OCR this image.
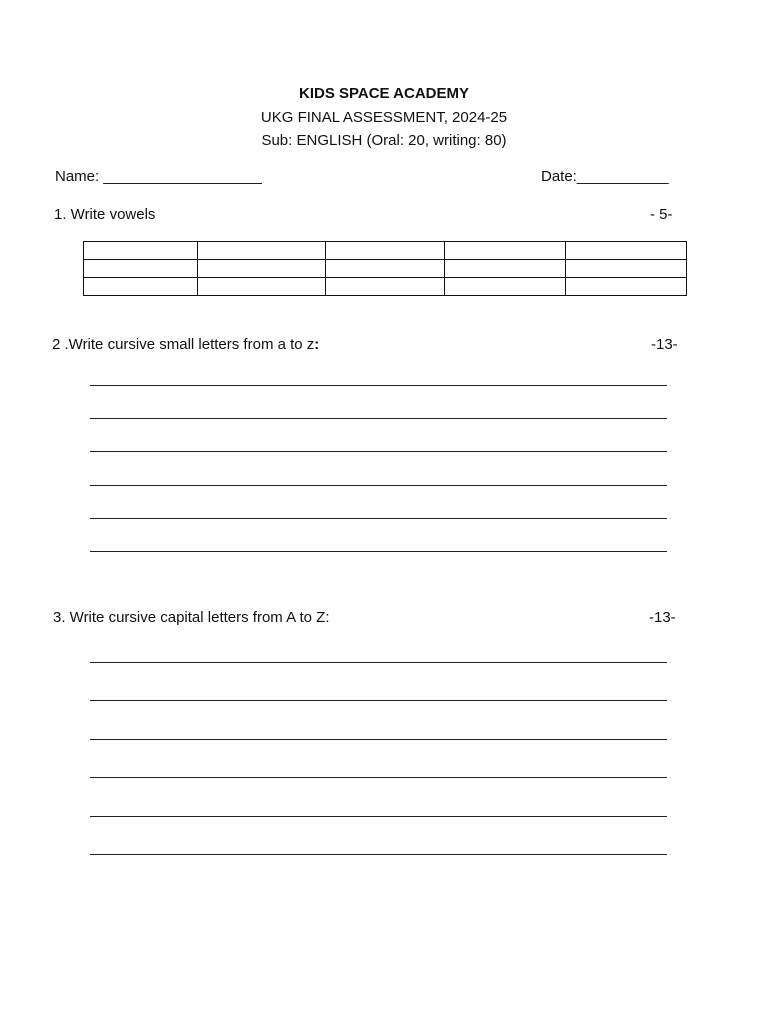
KIDS SPACE ACADEMY
UKG FINAL ASSESSMENT, 2024-25
Sub: ENGLISH (Oral: 20, writing: 80)
Name: ___________________	Date:___________
1. Write vowels	- 5-

2 .Write cursive small letters from a to z:	-13-
3. Write cursive capital letters from A to Z:	-13-
